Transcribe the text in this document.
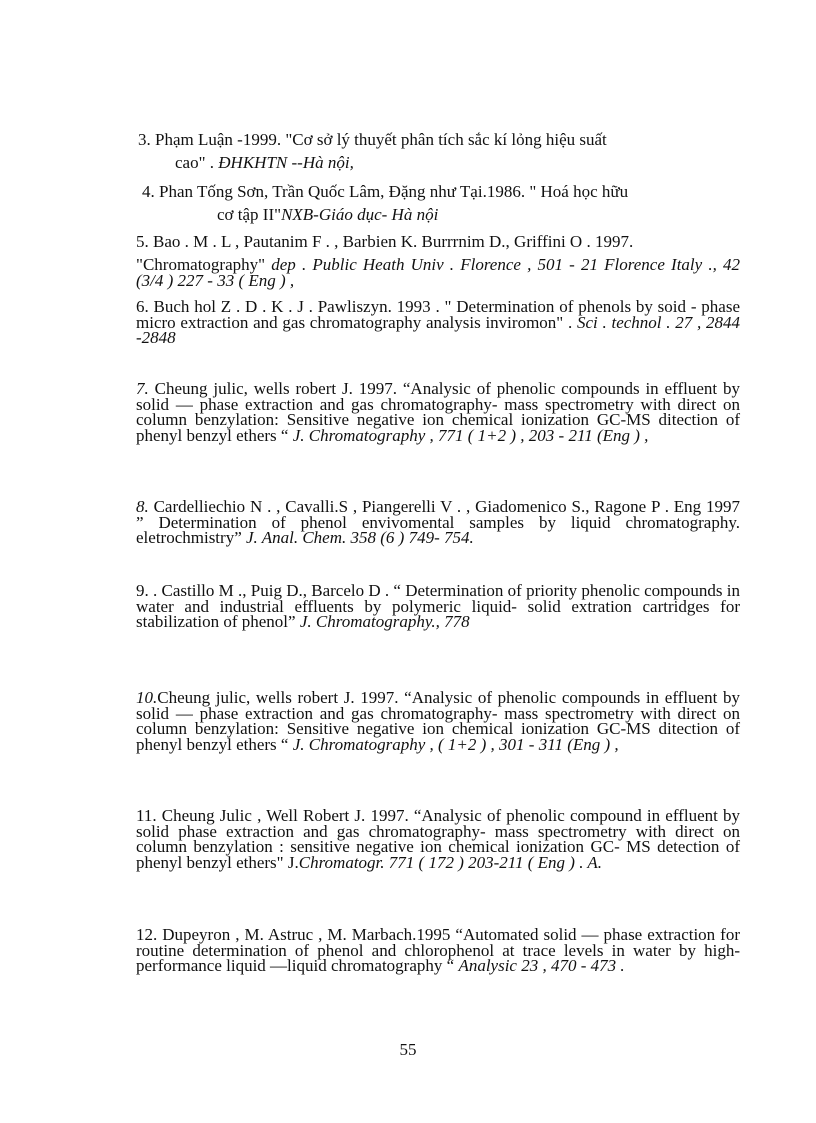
3. Phạm Luận -1999. "Cơ sở lý thuyết phân tích sắc kí lỏng hiệu suất
cao" . ĐHKHTN --Hà nội,

4. Phan Tống Sơn, Trần Quốc Lâm, Đặng như Tại.1986. " Hoá học hữu
cơ tập II"NXB-Giáo dục- Hà nội

5. Bao . M . L , Pautanim F . , Barbien K. Burrrnim D., Griffini O . 1997.

"Chromatography" dep . Public Heath Univ . Florence , 501 - 21 Florence Italy ., 42 (3/4 ) 227 - 33 ( Eng ) ,

6. Buch hol Z . D . K . J . Pawliszyn. 1993 . " Determination of phenols by soid - phase micro extraction and gas chromatography analysis inviromon" . Sci . technol . 27 , 2844 -2848

7. Cheung julic, wells robert J. 1997. “Analysic of phenolic compounds in effluent by solid — phase extraction and gas chromatography- mass spectrometry with direct on column benzylation: Sensitive negative ion chemical ionization GC-MS ditection of phenyl benzyl ethers “ J. Chromatography , 771 ( 1+2 ) , 203 - 211 (Eng ) ,

8. Cardelliechio N . , Cavalli.S , Piangerelli V . , Giadomenico S., Ragone P . Eng 1997 ” Determination of phenol envivomental samples by liquid chromatography. eletrochmistry” J. Anal. Chem. 358 (6 ) 749- 754.

9. . Castillo M ., Puig D., Barcelo D . “ Determination of priority phenolic compounds in water and industrial effluents by polymeric liquid- solid extration cartridges for stabilization of phenol” J. Chromatography., 778

10.Cheung julic, wells robert J. 1997. “Analysic of phenolic compounds in effluent by solid — phase extraction and gas chromatography- mass spectrometry with direct on column benzylation: Sensitive negative ion chemical ionization GC-MS ditection of phenyl benzyl ethers “ J. Chromatography , ( 1+2 ) , 301 - 311 (Eng ) ,

11. Cheung Julic , Well Robert J. 1997. “Analysic of phenolic compound in effluent by solid phase extraction and gas chromatography- mass spectrometry with direct on column benzylation : sensitive negative ion chemical ionization GC- MS detection of phenyl benzyl ethers" J.Chromatogr. 771 ( 172 ) 203-211 ( Eng ) . A.

12. Dupeyron , M. Astruc , M. Marbach.1995 “Automated solid — phase extraction for routine determination of phenol and chlorophenol at trace levels in water by high-performance liquid —liquid chromatography “ Analysic 23 , 470 - 473 .

55
